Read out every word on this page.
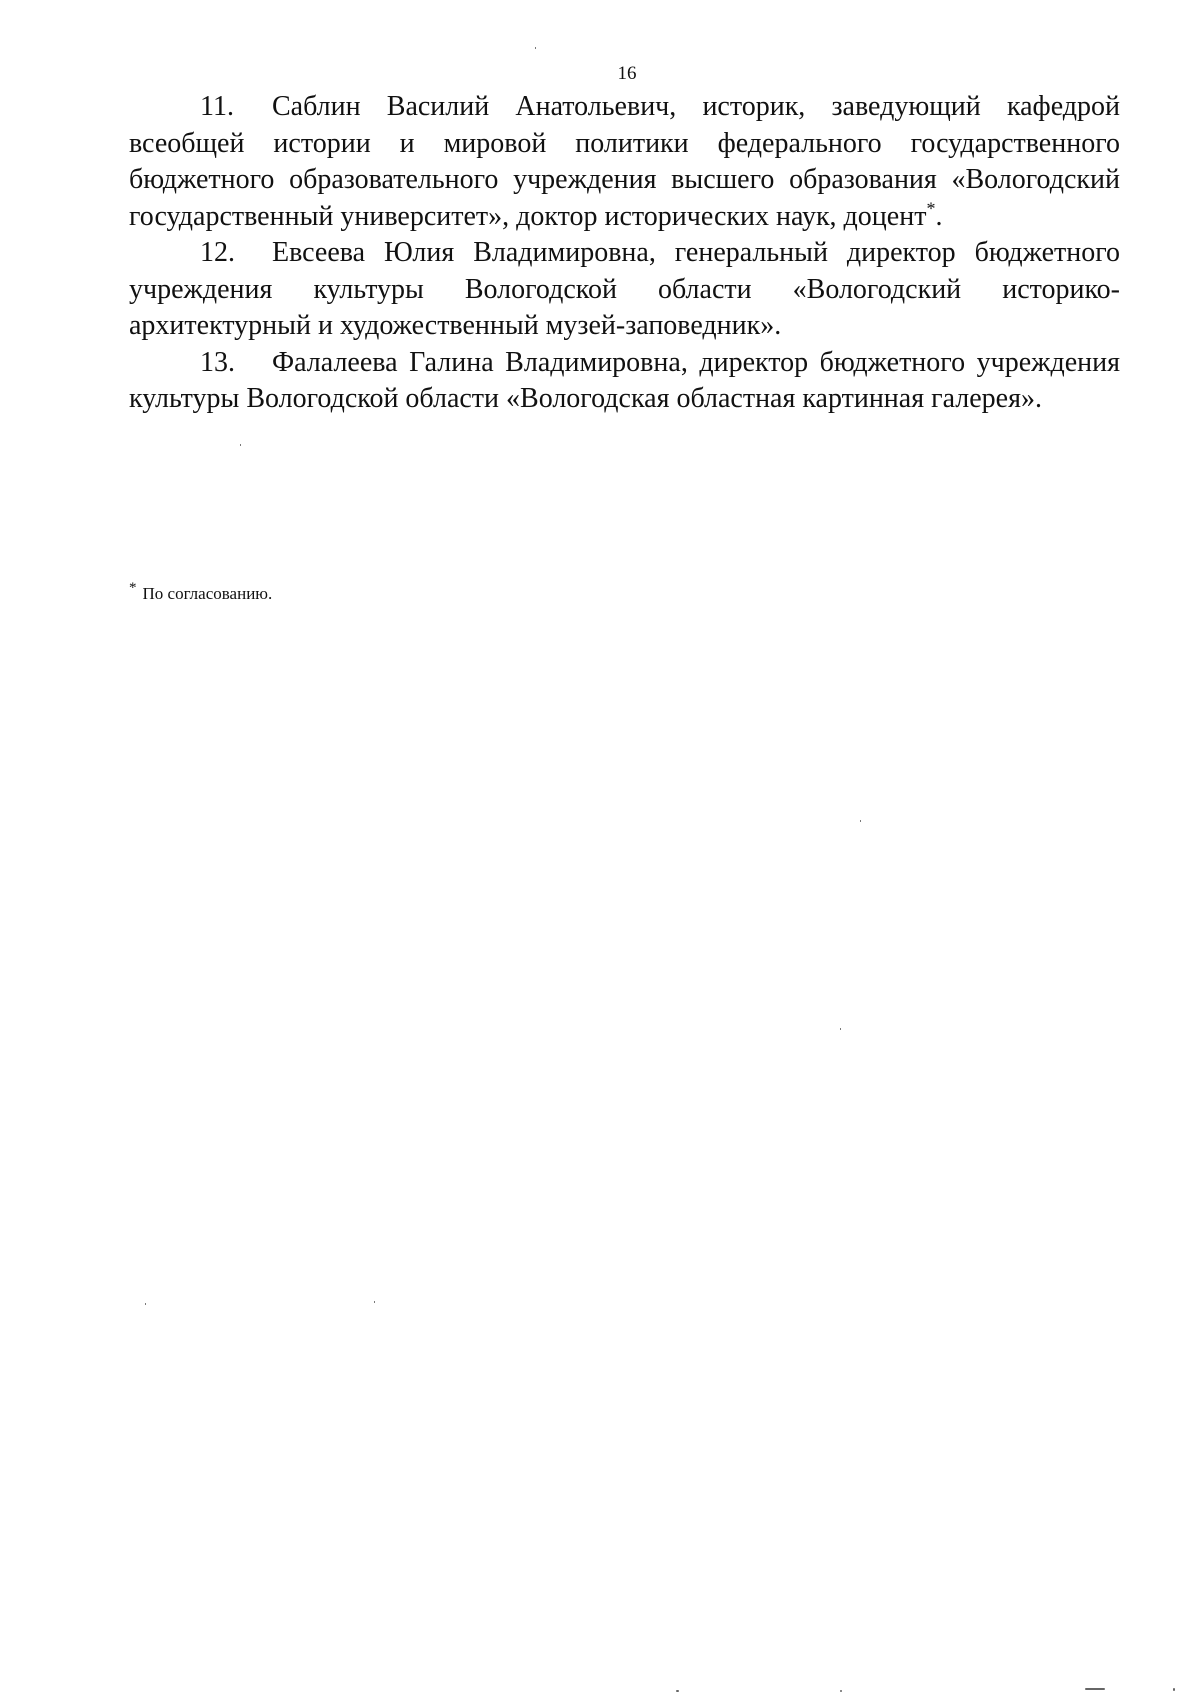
16

11. Саблин Василий Анатольевич, историк, заведующий кафедрой всеобщей истории и мировой политики федерального государственного бюджетного образовательного учреждения высшего образования «Вологодский государственный университет», доктор исторических наук, доцент*.

12. Евсеева Юлия Владимировна, генеральный директор бюджетного учреждения культуры Вологодской области «Вологодский историко-архитектурный и художественный музей-заповедник».

13. Фалалеева Галина Владимировна, директор бюджетного учреждения культуры Вологодской области «Вологодская областная картинная галерея».

* По согласованию.
